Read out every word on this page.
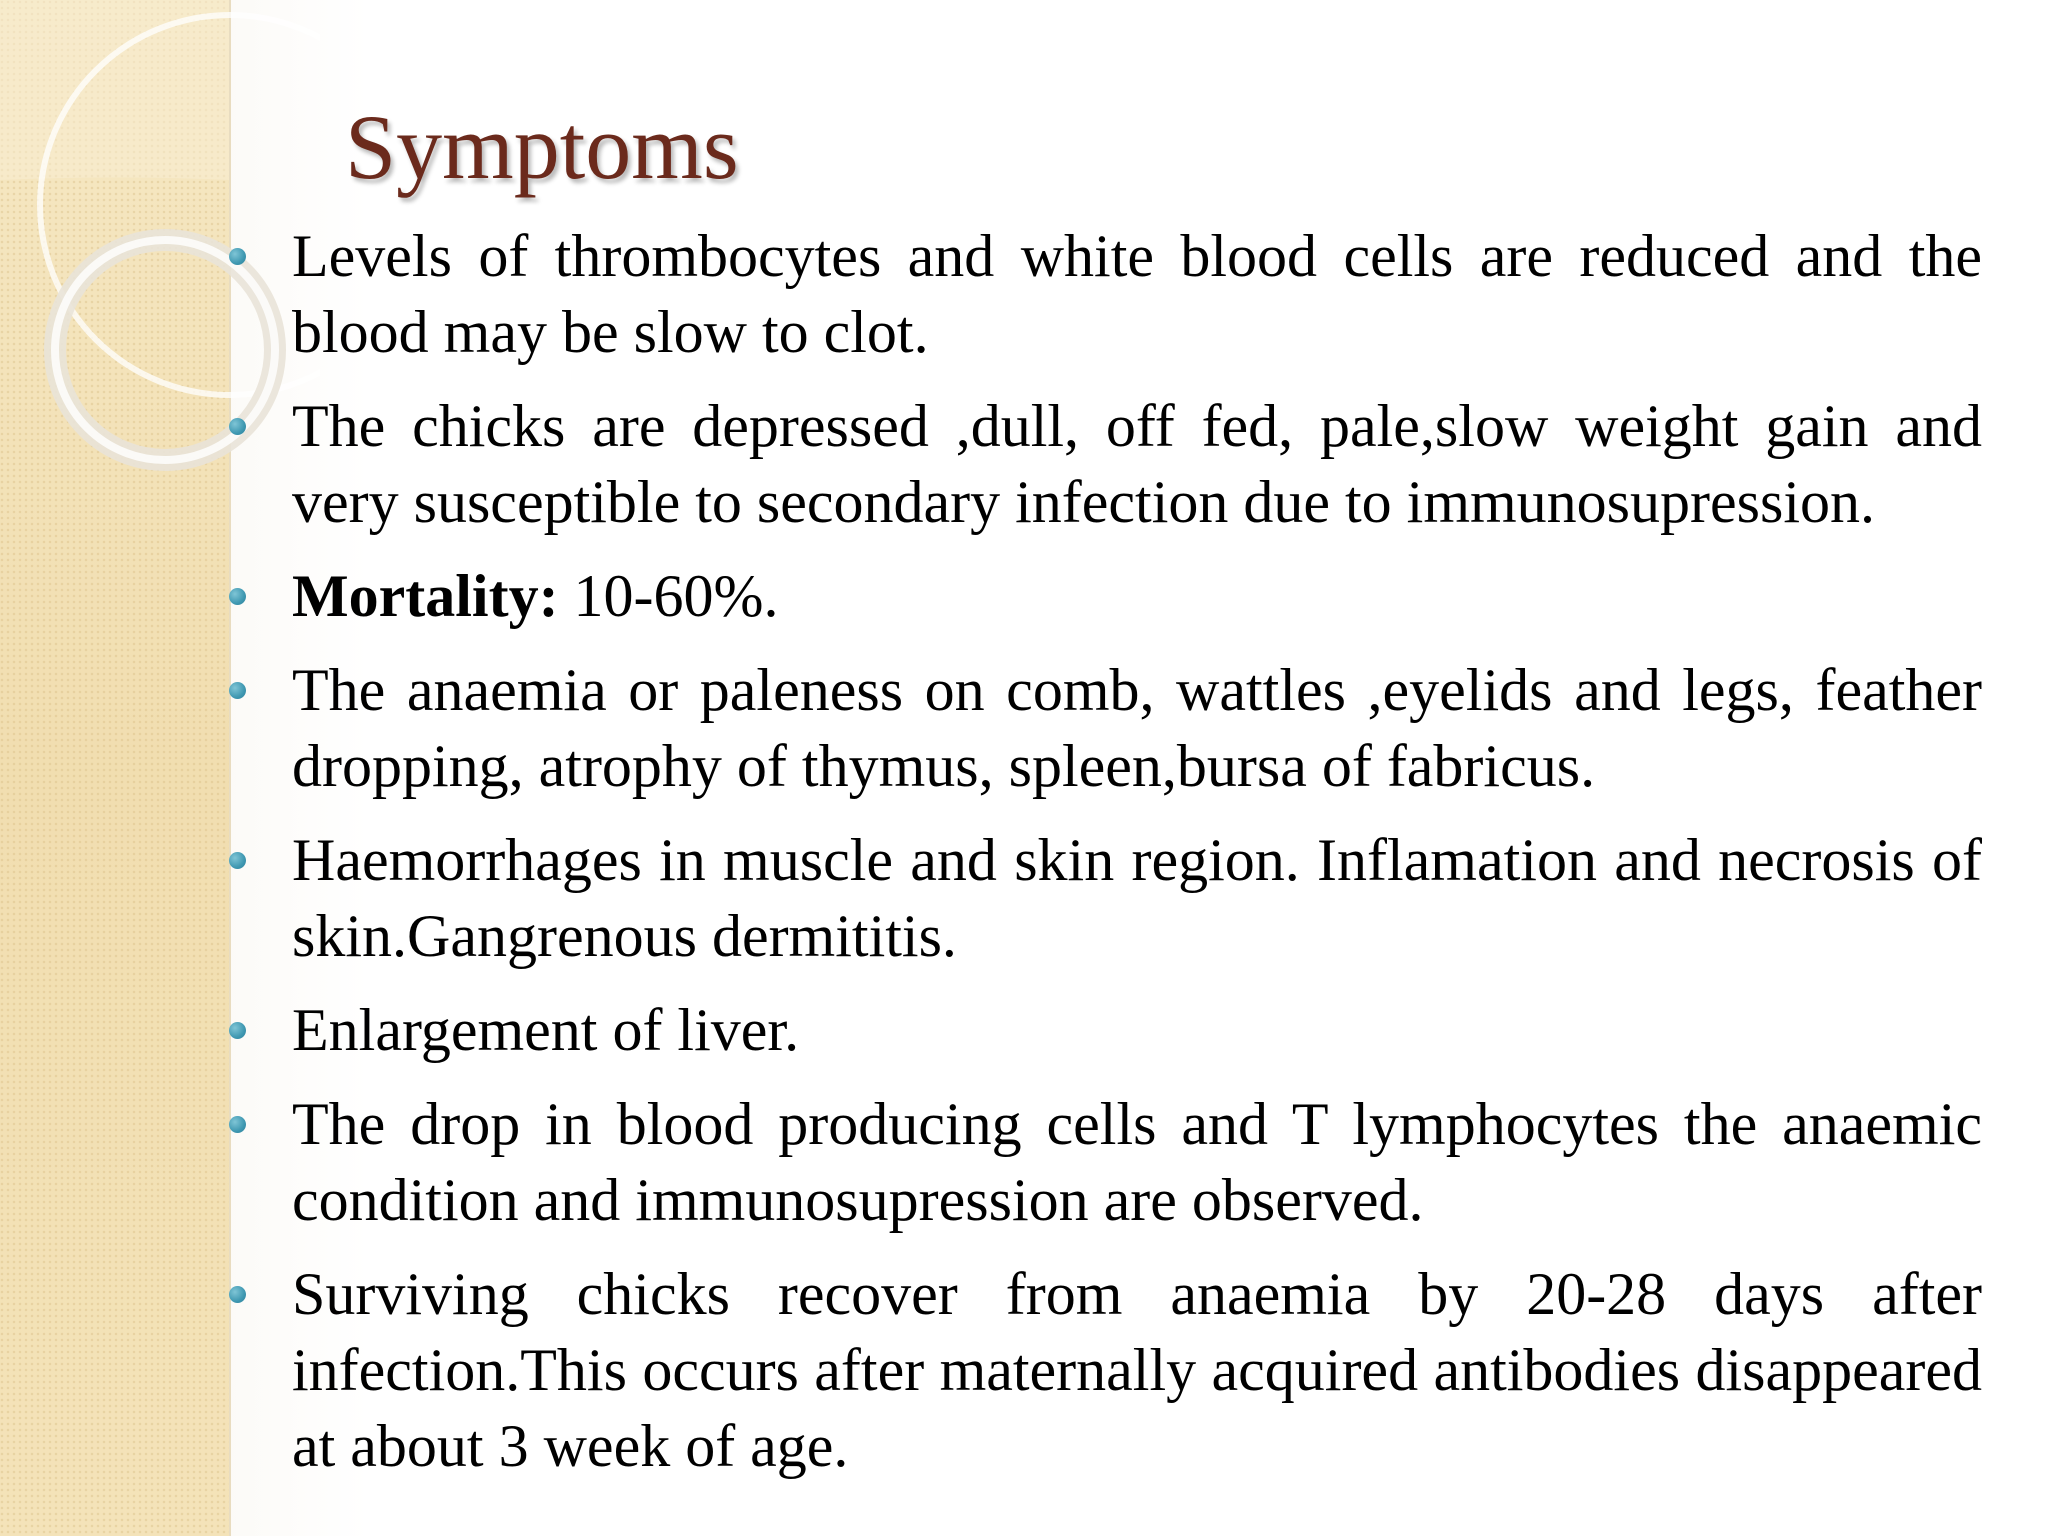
Symptoms
Levels of thrombocytes and white blood cells are reduced and the blood may be slow to clot.
The chicks are depressed ,dull, off fed, pale,slow weight gain and very susceptible to secondary infection due to immunosupression.
Mortality: 10-60%.
The anaemia or paleness on comb, wattles ,eyelids and legs, feather dropping, atrophy of thymus, spleen,bursa of fabricus.
Haemorrhages in muscle and skin region. Inflamation and necrosis of skin.Gangrenous dermititis.
Enlargement of liver.
The drop in blood producing cells and T lymphocytes the anaemic condition and immunosupression are observed.
Surviving chicks recover from anaemia by 20-28 days after infection.This occurs after maternally acquired antibodies disappeared at about 3 week of age.
